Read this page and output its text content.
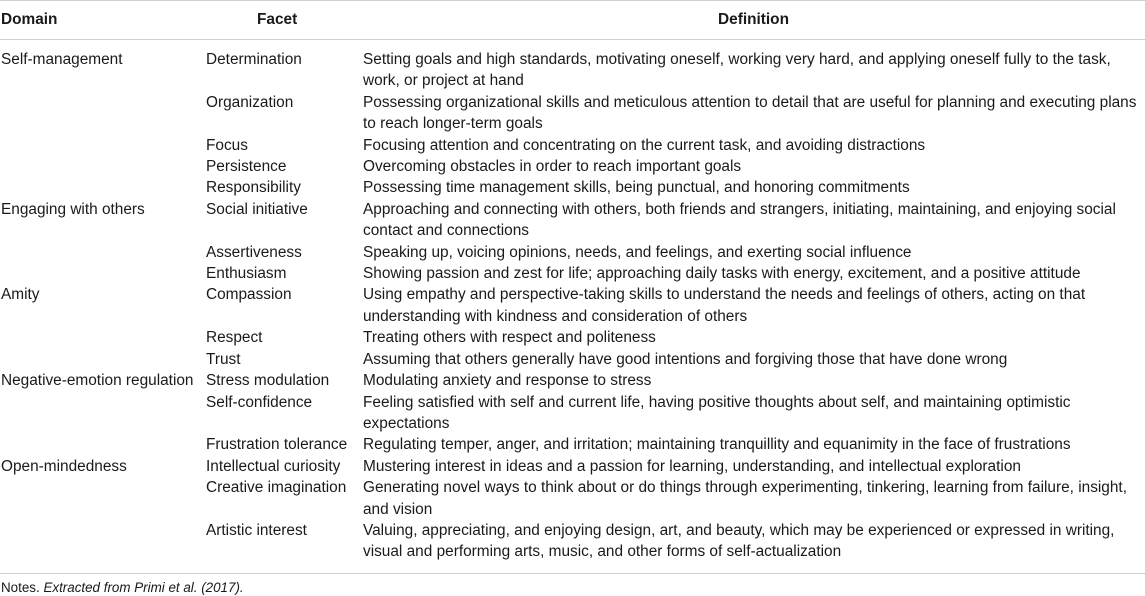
Domain	Facet	Definition
Self-management	Determination	Setting goals and high standards, motivating oneself, working very hard, and applying oneself fully to the task, work, or project at hand
	Organization	Possessing organizational skills and meticulous attention to detail that are useful for planning and executing plans to reach longer-term goals
	Focus	Focusing attention and concentrating on the current task, and avoiding distractions
	Persistence	Overcoming obstacles in order to reach important goals
	Responsibility	Possessing time management skills, being punctual, and honoring commitments
Engaging with others	Social initiative	Approaching and connecting with others, both friends and strangers, initiating, maintaining, and enjoying social contact and connections
	Assertiveness	Speaking up, voicing opinions, needs, and feelings, and exerting social influence
	Enthusiasm	Showing passion and zest for life; approaching daily tasks with energy, excitement, and a positive attitude
Amity	Compassion	Using empathy and perspective-taking skills to understand the needs and feelings of others, acting on that understanding with kindness and consideration of others
	Respect	Treating others with respect and politeness
	Trust	Assuming that others generally have good intentions and forgiving those that have done wrong
Negative-emotion regulation	Stress modulation	Modulating anxiety and response to stress
	Self-confidence	Feeling satisfied with self and current life, having positive thoughts about self, and maintaining optimistic expectations
	Frustration tolerance	Regulating temper, anger, and irritation; maintaining tranquillity and equanimity in the face of frustrations
Open-mindedness	Intellectual curiosity	Mustering interest in ideas and a passion for learning, understanding, and intellectual exploration
	Creative imagination	Generating novel ways to think about or do things through experimenting, tinkering, learning from failure, insight, and vision
	Artistic interest	Valuing, appreciating, and enjoying design, art, and beauty, which may be experienced or expressed in writing, visual and performing arts, music, and other forms of self-actualization

Notes. Extracted from Primi et al. (2017).
